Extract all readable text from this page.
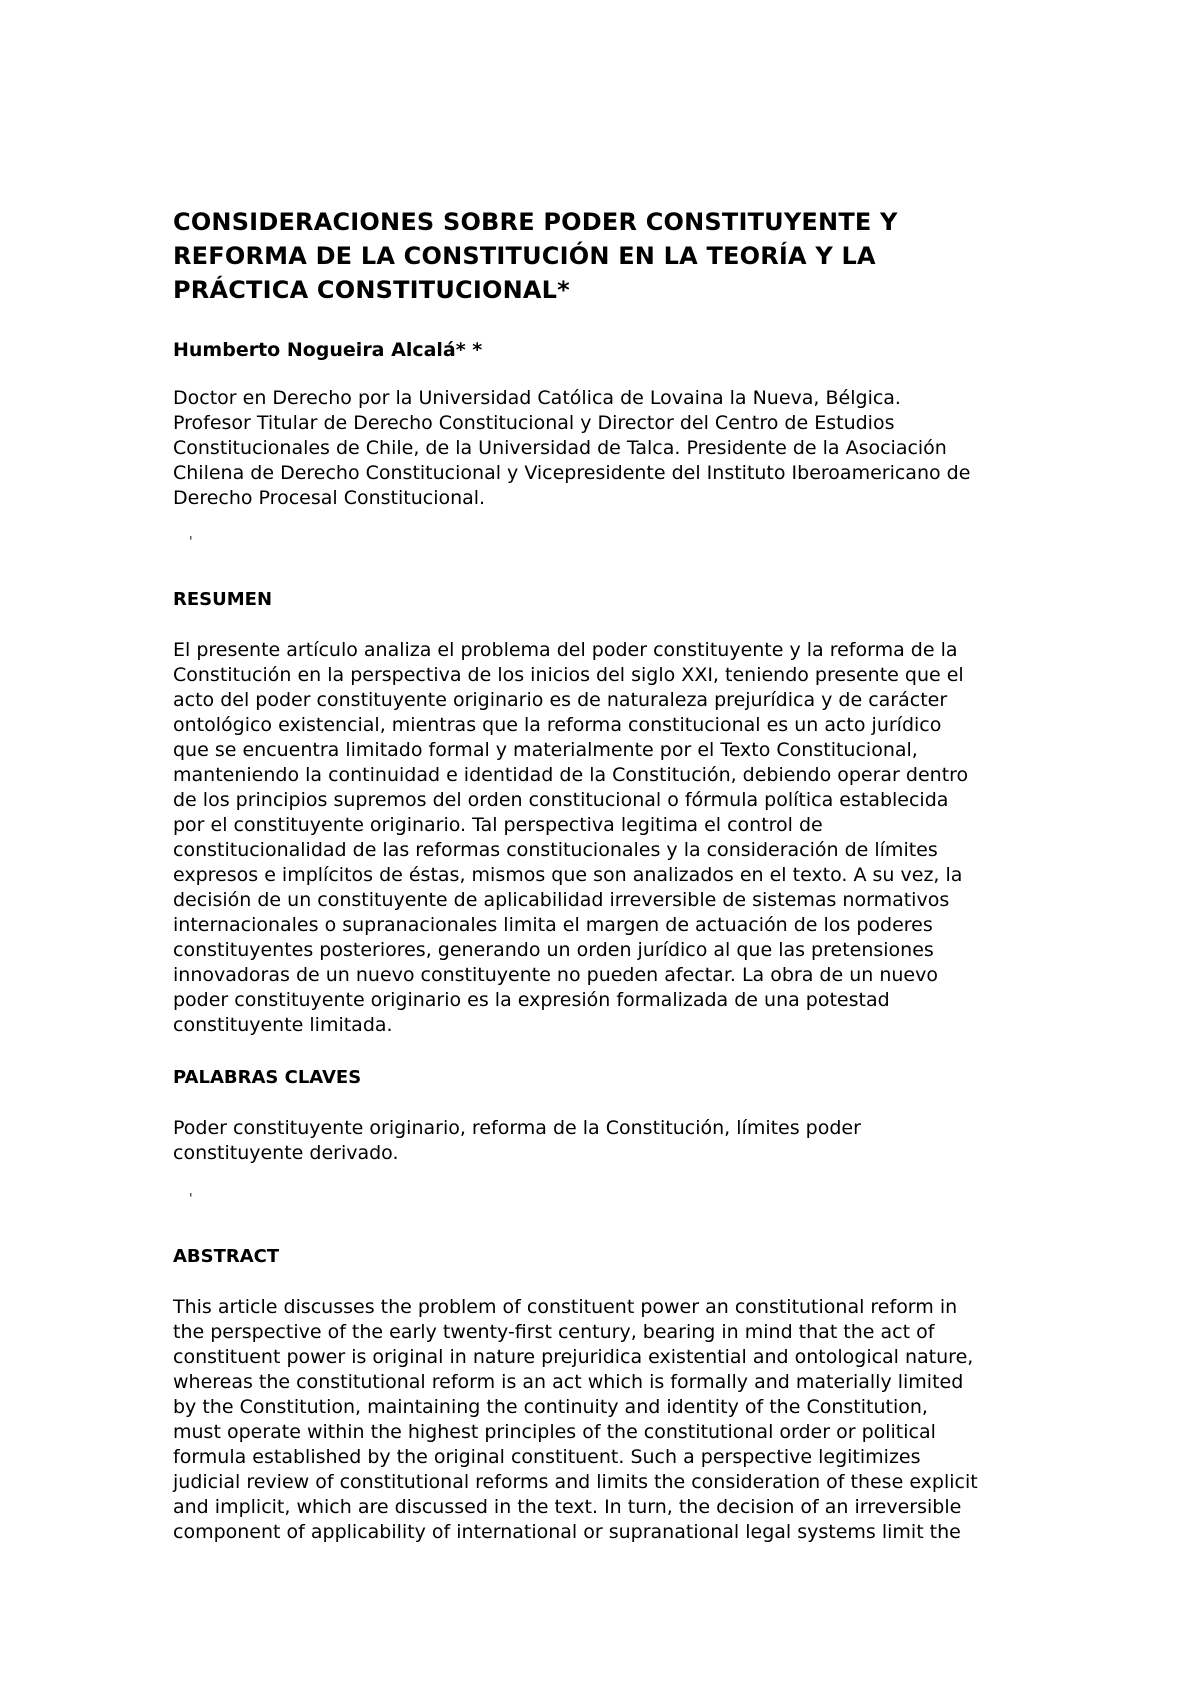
CONSIDERACIONES SOBRE PODER CONSTITUYENTE Y
REFORMA DE LA CONSTITUCIÓN EN LA TEORÍA Y LA
PRÁCTICA CONSTITUCIONAL*
Humberto Nogueira Alcalá* *
Doctor en Derecho por la Universidad Católica de Lovaina la Nueva, Bélgica.
Profesor Titular de Derecho Constitucional y Director del Centro de Estudios
Constitucionales de Chile, de la Universidad de Talca. Presidente de la Asociación
Chilena de Derecho Constitucional y Vicepresidente del Instituto Iberoamericano de
Derecho Procesal Constitucional.
'
RESUMEN
El presente artículo analiza el problema del poder constituyente y la reforma de la
Constitución en la perspectiva de los inicios del siglo XXI, teniendo presente que el
acto del poder constituyente originario es de naturaleza prejurídica y de carácter
ontológico existencial, mientras que la reforma constitucional es un acto jurídico
que se encuentra limitado formal y materialmente por el Texto Constitucional,
manteniendo la continuidad e identidad de la Constitución, debiendo operar dentro
de los principios supremos del orden constitucional o fórmula política establecida
por el constituyente originario. Tal perspectiva legitima el control de
constitucionalidad de las reformas constitucionales y la consideración de límites
expresos e implícitos de éstas, mismos que son analizados en el texto. A su vez, la
decisión de un constituyente de aplicabilidad irreversible de sistemas normativos
internacionales o supranacionales limita el margen de actuación de los poderes
constituyentes posteriores, generando un orden jurídico al que las pretensiones
innovadoras de un nuevo constituyente no pueden afectar. La obra de un nuevo
poder constituyente originario es la expresión formalizada de una potestad
constituyente limitada.
PALABRAS CLAVES
Poder constituyente originario, reforma de la Constitución, límites poder
constituyente derivado.
'
ABSTRACT
This article discusses the problem of constituent power an constitutional reform in
the perspective of the early twenty-first century, bearing in mind that the act of
constituent power is original in nature prejuridica existential and ontological nature,
whereas the constitutional reform is an act which is formally and materially limited
by the Constitution, maintaining the continuity and identity of the Constitution,
must operate within the highest principles of the constitutional order or political
formula established by the original constituent. Such a perspective legitimizes
judicial review of constitutional reforms and limits the consideration of these explicit
and implicit, which are discussed in the text. In turn, the decision of an irreversible
component of applicability of international or supranational legal systems limit the
